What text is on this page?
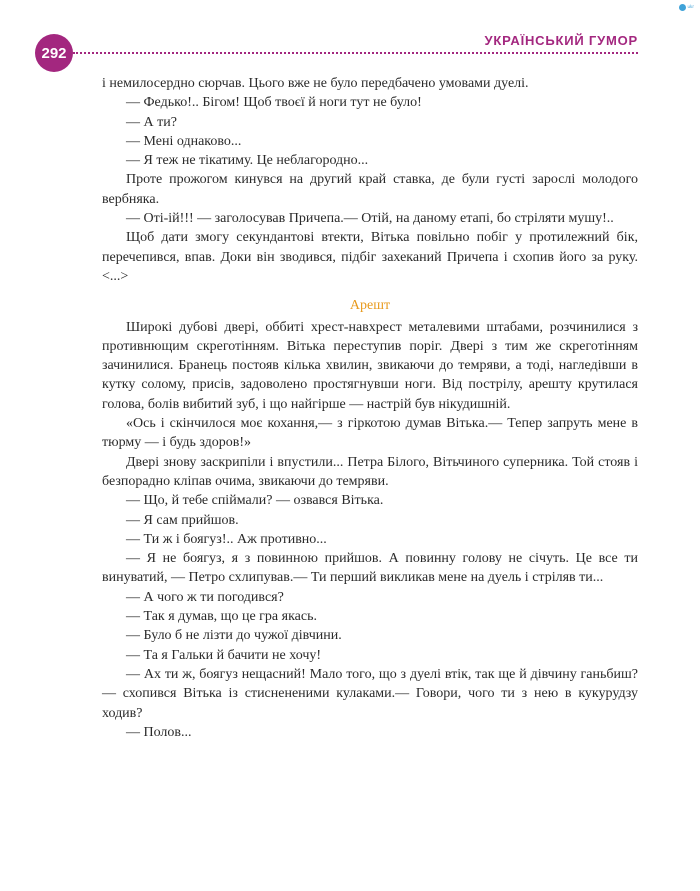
ukr
292
УКРАЇНСЬКИЙ ГУМОР

і немилосердно сюрчав. Цього вже не було передбачено умовами дуелі.

— Федько!.. Бігом! Щоб твоєї й ноги тут не було!

— А ти?

— Мені однаково...

— Я теж не тікатиму. Це неблагородно...

Проте прожогом кинувся на другий край ставка, де були густі зарослі молодого вербняка.

— Оті-ій!!! — заголосував Причепа.— Отій, на даному етапі, бо стріляти мушу!..

Щоб дати змогу секундантові втекти, Вітька повільно побіг у протилежний бік, перечепився, впав. Доки він зводився, підбіг захеканий Причепа і схопив його за руку. <...>

Арешт

Широкі дубові двері, оббиті хрест-навхрест металевими штабами, розчинилися з противнющим скреготінням. Вітька переступив поріг. Двері з тим же скреготінням зачинилися. Бранець постояв кілька хвилин, звикаючи до темряви, а тоді, нагледівши в кутку солому, присів, задоволено простягнувши ноги. Від пострілу, арешту крутилася голова, болів вибитий зуб, і що найгірше — настрій був нікудишній.

«Ось і скінчилося моє кохання,— з гіркотою думав Вітька.— Тепер запруть мене в тюрму — і будь здоров!»

Двері знову заскрипіли і впустили... Петра Білого, Вітьчиного суперника. Той стояв і безпорадно кліпав очима, звикаючи до темряви.

— Що, й тебе спіймали? — озвався Вітька.

— Я сам прийшов.

— Ти ж і боягуз!.. Аж противно...

— Я не боягуз, я з повинною прийшов. А повинну голову не січуть. Це все ти винуватий, — Петро схлипував.— Ти перший викликав мене на дуель і стріляв ти...

— А чого ж ти погодився?

— Так я думав, що це гра якась.

— Було б не лізти до чужої дівчини.

— Та я Гальки й бачити не хочу!

— Ах ти ж, боягуз нещасний! Мало того, що з дуелі втік, так ще й дівчину ганьбиш? — схопився Вітька із стиснененими кулаками.— Говори, чого ти з нею в кукурудзу ходив?

— Полов...
